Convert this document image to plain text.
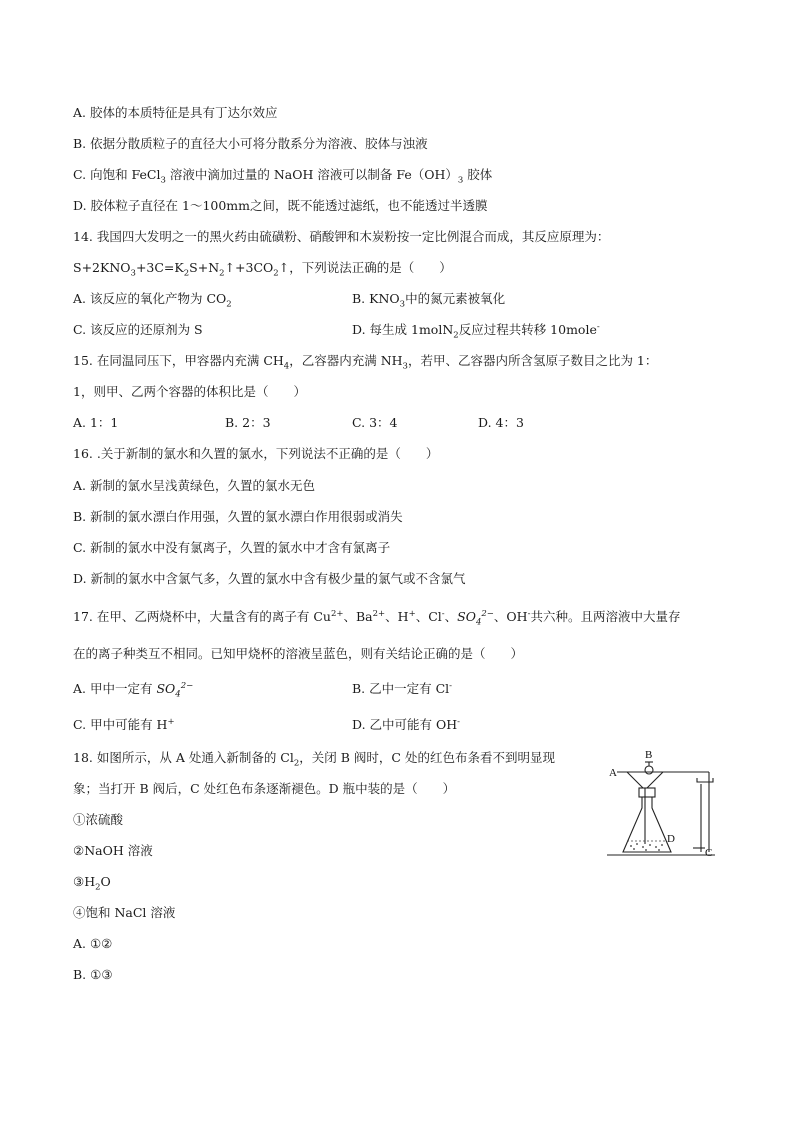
A. 胶体的本质特征是具有丁达尔效应
B. 依据分散质粒子的直径大小可将分散系分为溶液、胶体与浊液
C. 向饱和 FeCl$_3$ 溶液中滴加过量的 NaOH 溶液可以制备 $Fe(OH)_3$ 胶体
D. 胶体粒子直径在 1～100mm之间，既不能透过滤纸，也不能透过半透膜
14. 我国四大发明之一的黑火药由硫磺粉、硝酸钾和木炭粉按一定比例混合而成，其反应原理为：
$S+2KNO_3+3C=K_2S+N_2↑+3CO_2↑$，下列说法正确的是（　　）
A. 该反应的氧化产物为 $CO_2$	B. $KNO_3$中的氮元素被氧化
C. 该反应的还原剂为 S	D. 每生成 1molN$_2$反应过程共转移 10mole-
15. 在同温同压下，甲容器内充满 $CH_4$，乙容器内充满 $NH_3$，若甲、乙容器内所含氢原子数目之比为 1：
1，则甲、乙两个容器的体积比是（　　）
A. 1：1	B. 2：3	C. 3：4	D. 4：3
16. .关于新制的氯水和久置的氯水，下列说法不正确的是（　　）
A. 新制的氯水呈浅黄绿色，久置的氯水无色
B. 新制的氯水漂白作用强，久置的氯水漂白作用很弱或消失
C. 新制的氯水中没有氯离子，久置的氯水中才含有氯离子
D. 新制的氯水中含氯气多，久置的氯水中含有极少量的氯气或不含氯气
17. 在甲、乙两烧杯中，大量含有的离子有 $Cu^{2+}$、$Ba^{2+}$、H+、Cl-、$SO_4^{2-}$、OH-共六种。且两溶液中大量存
在的离子种类互不相同。已知甲烧杯的溶液呈蓝色，则有关结论正确的是（　　）
A. 甲中一定有 $SO_4^{2-}$	B. 乙中一定有 Cl-
C. 甲中可能有 H+	D. 乙中可能有 OH-
18. 如图所示，从 A 处通入新制备的 $Cl_2$，关闭 B 阀时，C 处的红色布条看不到明显现
象；当打开 B 阀后，C 处红色布条逐渐褪色。D 瓶中装的是（　　）
①浓硫酸
②NaOH 溶液
$③H_2O$
④饱和 NaCl 溶液
A. ①②
B. ①③
A
B
D
C
